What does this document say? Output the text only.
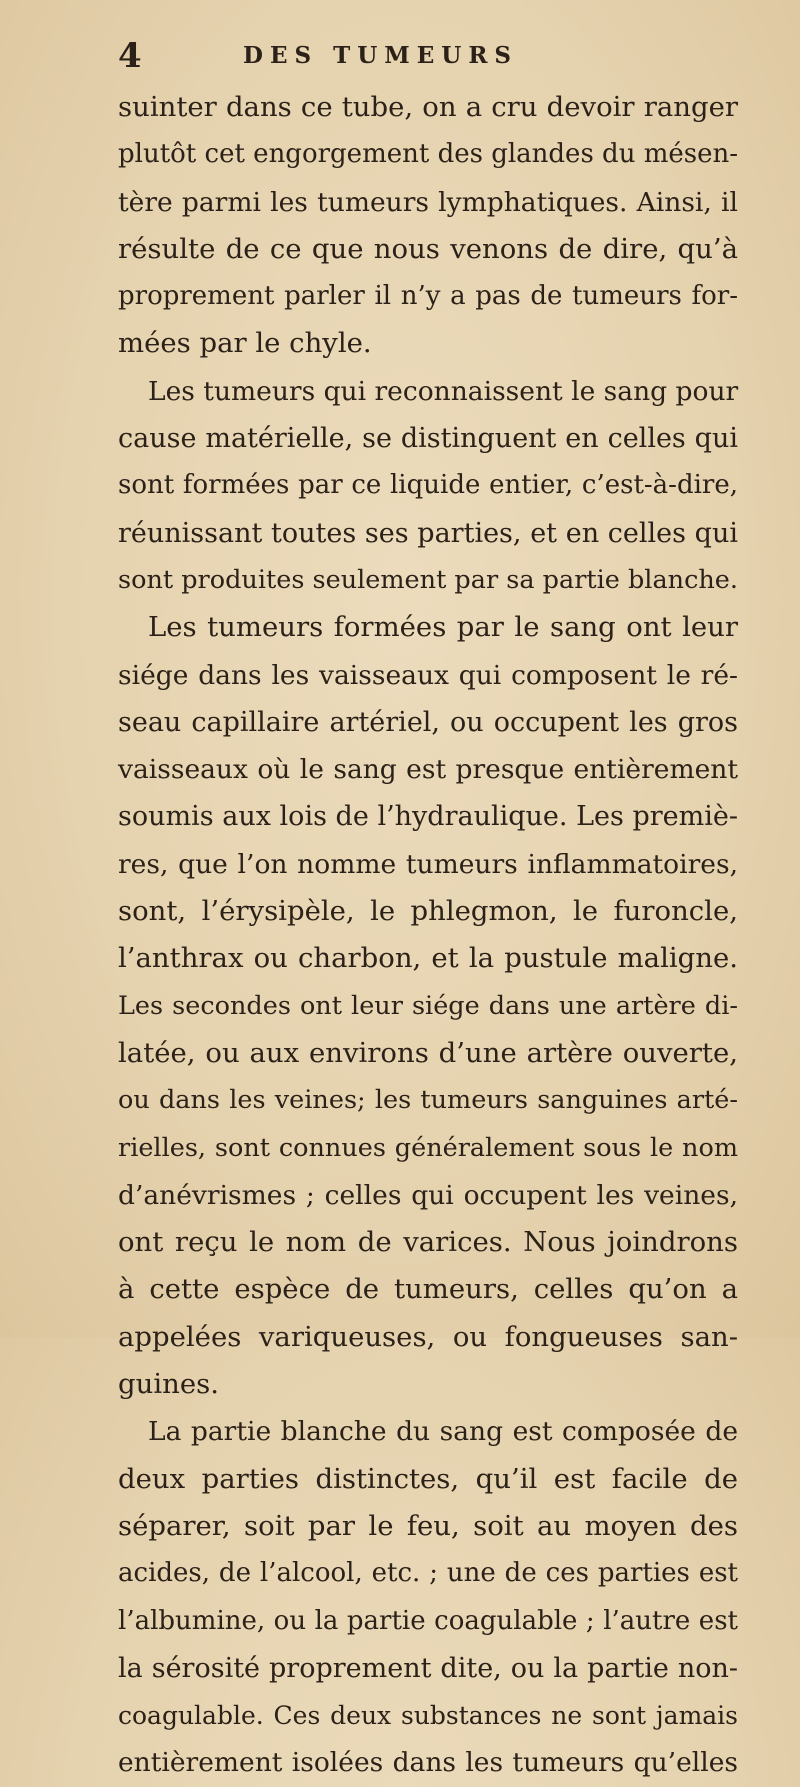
4	DES TUMEURS
suinter dans ce tube, on a cru devoir ranger
plutôt cet engorgement des glandes du mésen-
tère parmi les tumeurs lymphatiques. Ainsi, il
résulte de ce que nous venons de dire, qu’à
proprement parler il n’y a pas de tumeurs for-
mées par le chyle.
Les tumeurs qui reconnaissent le sang pour
cause matérielle, se distinguent en celles qui
sont formées par ce liquide entier, c’est-à-dire,
réunissant toutes ses parties, et en celles qui
sont produites seulement par sa partie blanche.
Les tumeurs formées par le sang ont leur
siége dans les vaisseaux qui composent le ré-
seau capillaire artériel, ou occupent les gros
vaisseaux où le sang est presque entièrement
soumis aux lois de l’hydraulique. Les premiè-
res, que l’on nomme tumeurs inflammatoires,
sont, l’érysipèle, le phlegmon, le furoncle,
l’anthrax ou charbon, et la pustule maligne.
Les secondes ont leur siége dans une artère di-
latée, ou aux environs d’une artère ouverte,
ou dans les veines; les tumeurs sanguines arté-
rielles, sont connues généralement sous le nom
d’anévrismes ; celles qui occupent les veines,
ont reçu le nom de varices. Nous joindrons
à cette espèce de tumeurs, celles qu’on a
appelées variqueuses, ou fongueuses san-
guines.
La partie blanche du sang est composée de
deux parties distinctes, qu’il est facile de
séparer, soit par le feu, soit au moyen des
acides, de l’alcool, etc. ; une de ces parties est
l’albumine, ou la partie coagulable ; l’autre est
la sérosité proprement dite, ou la partie non-
coagulable. Ces deux substances ne sont jamais
entièrement isolées dans les tumeurs qu’elles
